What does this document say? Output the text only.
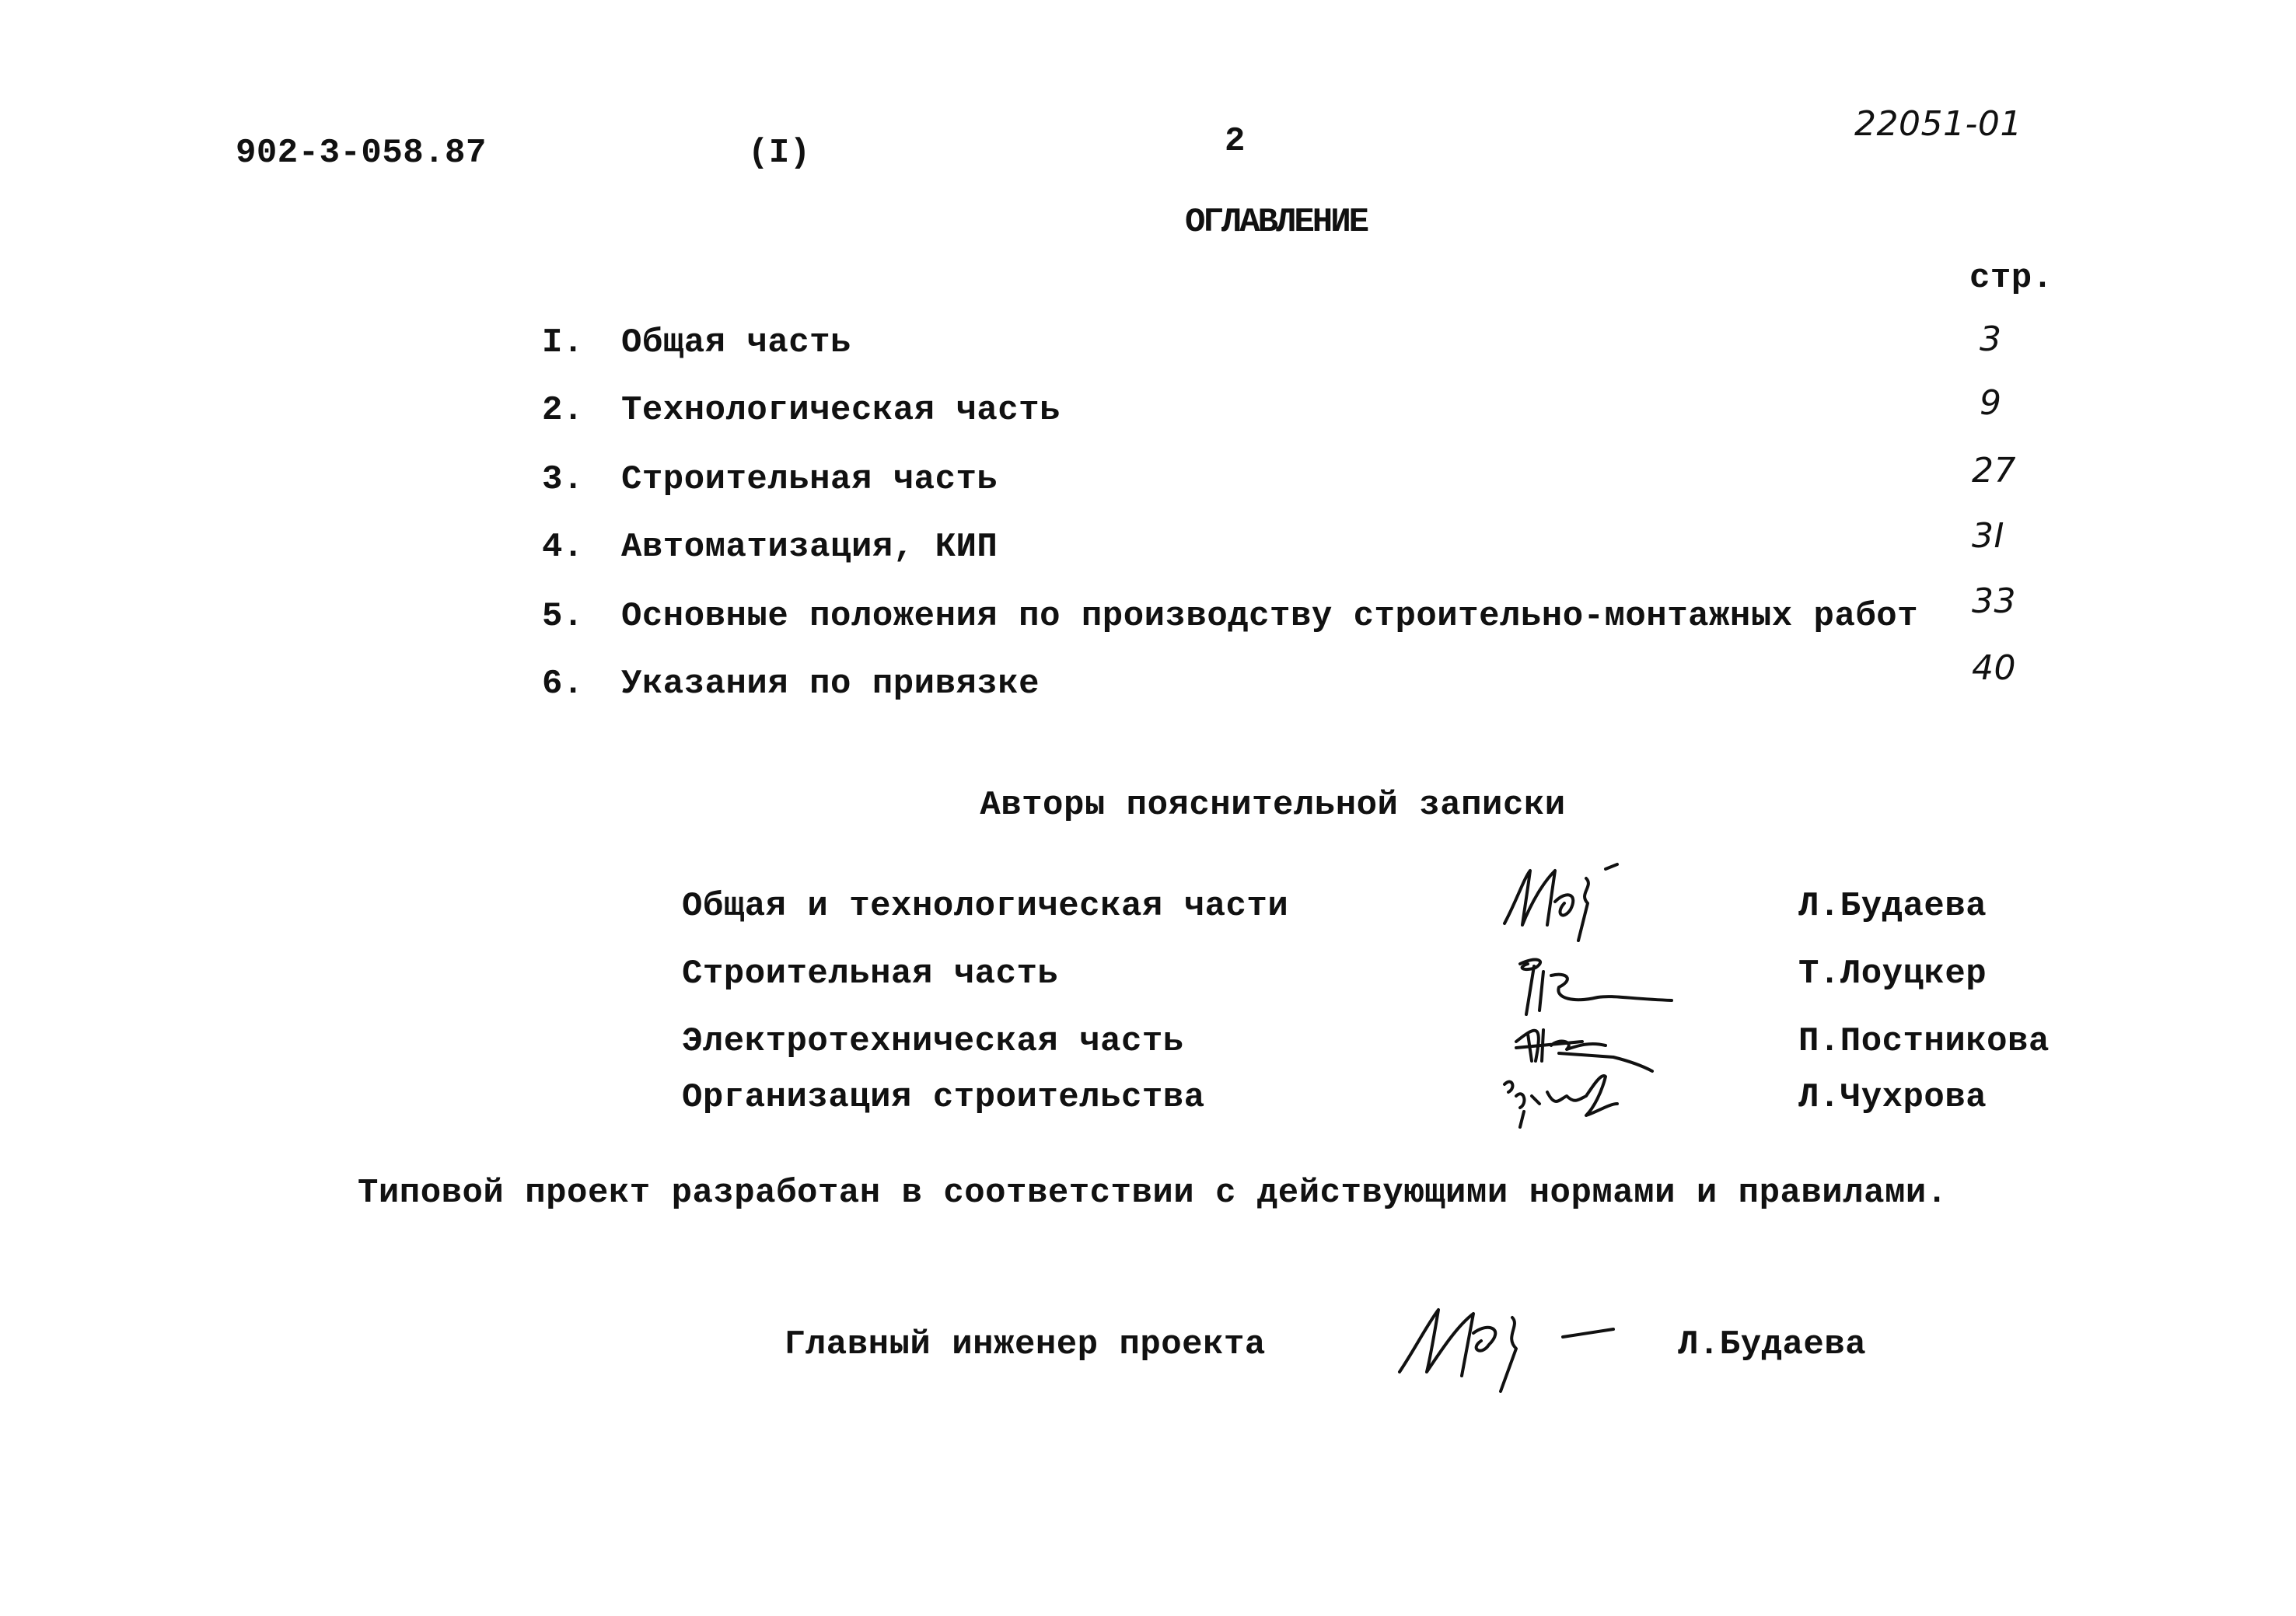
902-3-058.87	(I)	2	22051-01
ОГЛАВЛЕНИЕ
стр.
I. Общая часть	3
2. Технологическая часть	9
3. Строительная часть	27
4. Автоматизация, КИП	3I
5. Основные положения по производству строительно-монтажных работ 33
6. Указания по привязке	40
Авторы пояснительной записки
Общая и технологическая части	Л.Будаева
Строительная часть	Т.Лоуцкер
Электротехническая часть	П.Постникова
Организация строительства	Л.Чухрова
Типовой проект разработан в соответствии с действующими нормами и правилами.
Главный инженер проекта	Л.Будаева
